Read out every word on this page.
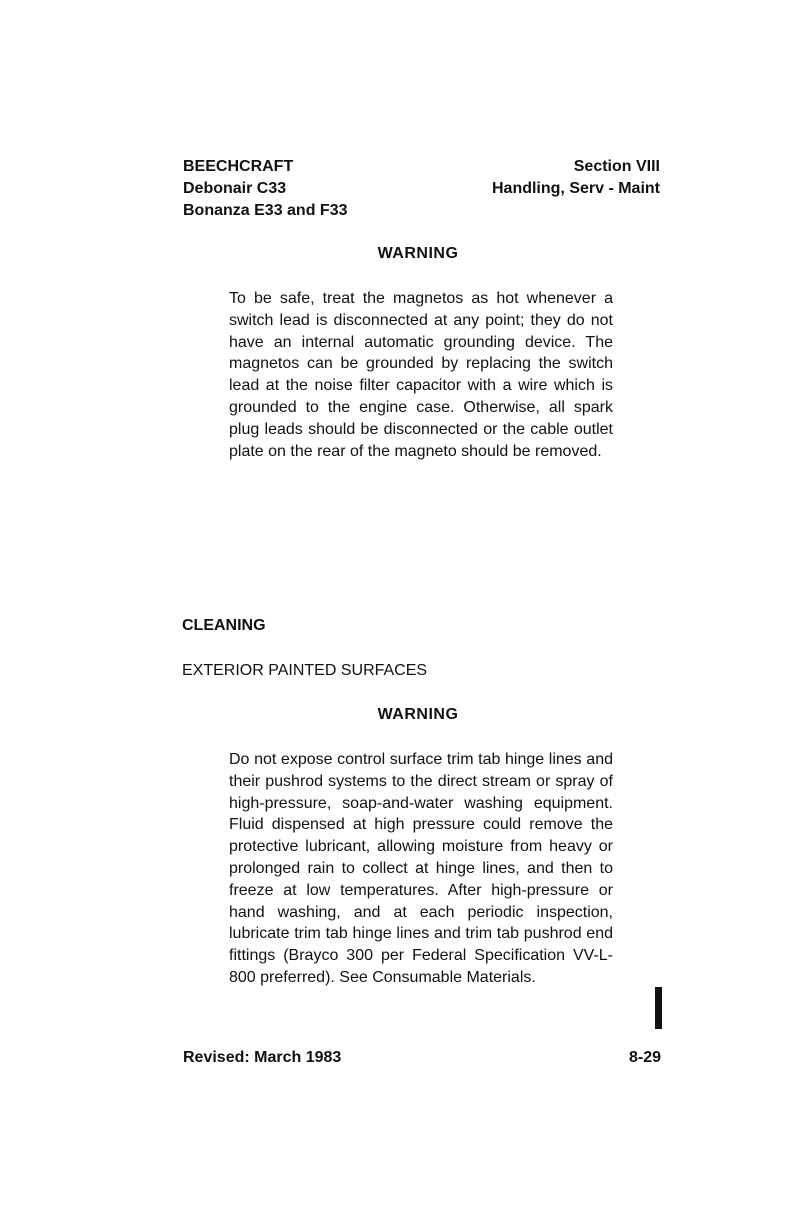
BEECHCRAFT
Debonair C33
Bonanza E33 and F33
Section VIII
Handling, Serv - Maint
WARNING
To be safe, treat the magnetos as hot whenever a switch lead is disconnected at any point; they do not have an internal automatic grounding device. The magnetos can be grounded by replacing the switch lead at the noise filter capacitor with a wire which is grounded to the engine case. Otherwise, all spark plug leads should be disconnected or the cable outlet plate on the rear of the magneto should be removed.
CLEANING
EXTERIOR PAINTED SURFACES
WARNING
Do not expose control surface trim tab hinge lines and their pushrod systems to the direct stream or spray of high-pressure, soap-and-water washing equipment. Fluid dispensed at high pressure could remove the protective lubricant, allowing moisture from heavy or prolonged rain to collect at hinge lines, and then to freeze at low temperatures. After high-pressure or hand washing, and at each periodic inspection, lubricate trim tab hinge lines and trim tab pushrod end fittings (Brayco 300 per Federal Specification VV-L-800 preferred). See Consumable Materials.
Revised: March 1983	8-29
